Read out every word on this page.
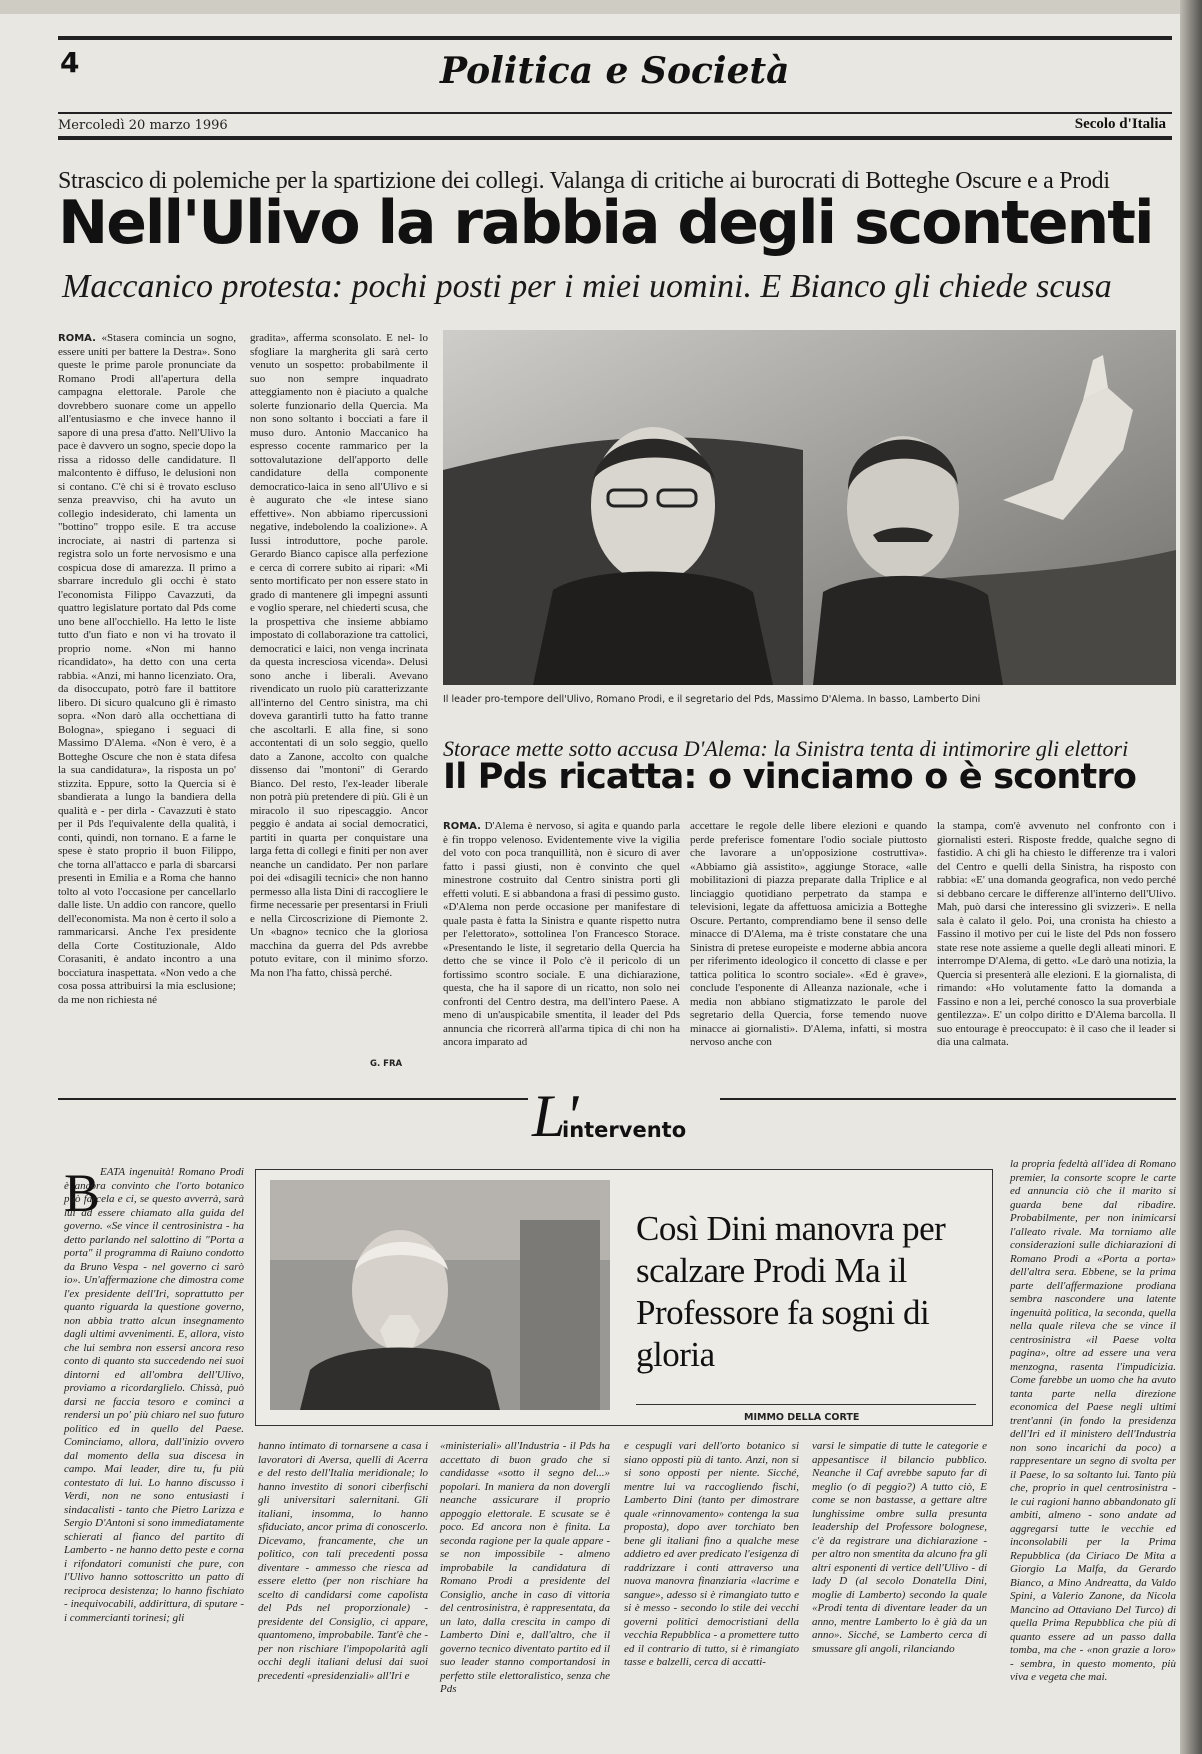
4	Politica e Società
Mercoledì 20 marzo 1996	Secolo d'Italia
Strascico di polemiche per la spartizione dei collegi. Valanga di critiche ai burocrati di Botteghe Oscure e a Prodi
Nell'Ulivo la rabbia degli scontenti
Maccanico protesta: pochi posti per i miei uomini. E Bianco gli chiede scusa
ROMA. «Stasera comincia un sogno, essere uniti per battere la Destra». Sono queste le prime parole pronunciate da Romano Prodi all'apertura della campagna elettorale. Parole che dovrebbero suonare come un appello all'entusiasmo e che invece hanno il sapore di una presa d'atto. Nell'Ulivo la pace è davvero un sogno, specie dopo la rissa a ridosso delle candidature. Il malcontento è diffuso, le delusioni non si contano. C'è chi si è trovato escluso senza preavviso, chi ha avuto un collegio indesiderato, chi lamenta un "bottino" troppo esile. E tra accuse incrociate, ai nastri di partenza si registra solo un forte nervosismo e una cospicua dose di amarezza. Il primo a sbarrare incredulo gli occhi è stato l'economista Filippo Cavazzuti, da quattro legislature portato dal Pds come uno bene all'occhiello. Ha letto le liste tutto d'un fiato e non vi ha trovato il proprio nome. «Non mi hanno ricandidato», ha detto con una certa rabbia. «Anzi, mi hanno licenziato. Ora, da disoccupato, potrò fare il battitore libero. Di sicuro qualcuno gli è rimasto sopra. «Non darò alla occhettiana di Bologna», spiegano i seguaci di Massimo D'Alema. «Non è vero, è a Botteghe Oscure che non è stata difesa la sua candidatura», la risposta un po' stizzita. Eppure, sotto la Quercia si è sbandierata a lungo la bandiera della qualità e - per dirla - Cavazzuti è stato per il Pds l'equivalente della qualità, i conti, quindi, non tornano. E a farne le spese è stato proprio il buon Filippo, che torna all'attacco e parla di sbarcarsi presenti in Emilia e a Roma che hanno tolto al voto l'occasione per cancellarlo dalle liste. Un addio con rancore, quello dell'economista. Ma non è certo il solo a rammaricarsi. Anche l'ex presidente della Corte Costituzionale, Aldo Corasaniti, è andato incontro a una bocciatura inaspettata. «Non vedo a che cosa possa attribuirsi la mia esclusione; da me non richiesta né
gradita», afferma sconsolato. E nel- lo sfogliare la margherita gli sarà certo venuto un sospetto: probabilmente il suo non sempre inquadrato atteggiamento non è piaciuto a qualche solerte funzionario della Quercia. Ma non sono soltanto i bocciati a fare il muso duro. Antonio Maccanico ha espresso cocente rammarico per la sottovalutazione dell'apporto delle candidature della componente democratico-laica in seno all'Ulivo e si è augurato che «le intese siano effettive». Non abbiamo ripercussioni negative, indebolendo la coalizione». A Iussi introduttore, poche parole. Gerardo Bianco capisce alla perfezione e cerca di correre subito ai ripari: «Mi sento mortificato per non essere stato in grado di mantenere gli impegni assunti e voglio sperare, nel chiederti scusa, che la prospettiva che insieme abbiamo impostato di collaborazione tra cattolici, democratici e laici, non venga incrinata da questa incresciosa vicenda». Delusi sono anche i liberali. Avevano rivendicato un ruolo più caratterizzante all'interno del Centro sinistra, ma chi doveva garantirli tutto ha fatto tranne che ascoltarli. E alla fine, si sono accontentati di un solo seggio, quello dato a Zanone, accolto con qualche dissenso dai "montoni" di Gerardo Bianco. Del resto, l'ex-leader liberale non potrà più pretendere di più. Gli è un miracolo il suo ripescaggio. Ancor peggio è andata ai social democratici, partiti in quarta per conquistare una larga fetta di collegi e finiti per non aver neanche un candidato. Per non parlare poi dei «disagili tecnici» che non hanno permesso alla lista Dini di raccogliere le firme necessarie per presentarsi in Friuli e nella Circoscrizione di Piemonte 2. Un «bagno» tecnico che la gloriosa macchina da guerra del Pds avrebbe potuto evitare, con il minimo sforzo. Ma non l'ha fatto, chissà perché.
G. FRA
Il leader pro-tempore dell'Ulivo, Romano Prodi, e il segretario del Pds, Massimo D'Alema. In basso, Lamberto Dini
Storace mette sotto accusa D'Alema: la Sinistra tenta di intimorire gli elettori
Il Pds ricatta: o vinciamo o è scontro
ROMA. D'Alema è nervoso, si agita e quando parla è fin troppo velenoso. Evidentemente vive la vigilia del voto con poca tranquillità, non è sicuro di aver fatto i passi giusti, non è convinto che quel minestrone costruito dal Centro sinistra porti gli effetti voluti. E si abbandona a frasi di pessimo gusto. «D'Alema non perde occasione per manifestare di quale pasta è fatta la Sinistra e quante rispetto nutra per l'elettorato», sottolinea l'on Francesco Storace. «Presentando le liste, il segretario della Quercia ha detto che se vince il Polo c'è il pericolo di un fortissimo scontro sociale. E una dichiarazione, questa, che ha il sapore di un ricatto, non solo nei confronti del Centro destra, ma dell'intero Paese. A meno di un'auspicabile smentita, il leader del Pds annuncia che ricorrerà all'arma tipica di chi non ha ancora imparato ad
accettare le regole delle libere elezioni e quando perde preferisce fomentare l'odio sociale piuttosto che lavorare a un'opposizione costruttiva». «Abbiamo già assistito», aggiunge Storace, «alle mobilitazioni di piazza preparate dalla Triplice e al linciaggio quotidiano perpetrato da stampa e televisioni, legate da affettuosa amicizia a Botteghe Oscure. Pertanto, comprendiamo bene il senso delle minacce di D'Alema, ma è triste constatare che una Sinistra di pretese europeiste e moderne abbia ancora per riferimento ideologico il concetto di classe e per tattica politica lo scontro sociale». «Ed è grave», conclude l'esponente di Alleanza nazionale, «che i media non abbiano stigmatizzato le parole del segretario della Quercia, forse temendo nuove minacce ai giornalisti». D'Alema, infatti, si mostra nervoso anche con
la stampa, com'è avvenuto nel confronto con i giornalisti esteri. Risposte fredde, qualche segno di fastidio. A chi gli ha chiesto le differenze tra i valori del Centro e quelli della Sinistra, ha risposto con rabbia: «E' una domanda geografica, non vedo perché si debbano cercare le differenze all'interno dell'Ulivo. Mah, può darsi che interessino gli svizzeri». E nella sala è calato il gelo. Poi, una cronista ha chiesto a Fassino il motivo per cui le liste del Pds non fossero state rese note assieme a quelle degli alleati minori. E interrompe D'Alema, di getto. «Le darò una notizia, la Quercia si presenterà alle elezioni. E la giornalista, di rimando: «Ho volutamente fatto la domanda a Fassino e non a lei, perché conosco la sua proverbiale gentilezza». E' un colpo diritto e D'Alema barcolla. Il suo entourage è preoccupato: è il caso che il leader si dia una calmata.
L'
intervento
B EATA ingenuità! Romano Prodi è ancora convinto che l'orto botanico può farcela e ci, se questo avverrà, sarà lui ad essere chiamato alla guida del governo. «Se vince il centrosinistra - ha detto parlando nel salottino di "Porta a porta" il programma di Raiuno condotto da Bruno Vespa - nel governo ci sarò io». Un'affermazione che dimostra come l'ex presidente dell'Iri, soprattutto per quanto riguarda la questione governo, non abbia tratto alcun insegnamento dagli ultimi avvenimenti. E, allora, visto che lui sembra non essersi ancora reso conto di quanto sta succedendo nei suoi dintorni ed all'ombra dell'Ulivo, proviamo a ricordarglielo. Chissà, può darsi ne faccia tesoro e cominci a rendersi un po' più chiaro nel suo futuro politico ed in quello del Paese. Cominciamo, allora, dall'inizio ovvero dal momento della sua discesa in campo. Mai leader, dire tu, fu più contestato di lui. Lo hanno discusso i Verdi, non ne sono entusiasti i sindacalisti - tanto che Pietro Larizza e Sergio D'Antoni si sono immediatamente schierati al fianco del partito di Lamberto - ne hanno detto peste e corna i rifondatori comunisti che pure, con l'Ulivo hanno sottoscritto un patto di reciproca desistenza; lo hanno fischiato - inequivocabili, addirittura, di sputare - i commercianti torinesi; gli
Così Dini manovra per scalzare Prodi Ma il Professore fa sogni di gloria
MIMMO DELLA CORTE
la propria fedeltà all'idea di Romano premier, la consorte scopre le carte ed annuncia ciò che il marito si guarda bene dal ribadire. Probabilmente, per non inimicarsi l'alleato rivale. Ma torniamo alle considerazioni sulle dichiarazioni di Romano Prodi a «Porta a porta» dell'altra sera. Ebbene, se la prima parte dell'affermazione prodiana sembra nascondere una latente ingenuità politica, la seconda, quella nella quale rileva che se vince il centrosinistra «il Paese volta pagina», oltre ad essere una vera menzogna, rasenta l'impudicizia. Come farebbe un uomo che ha avuto tanta parte nella direzione economica del Paese negli ultimi trent'anni (in fondo la presidenza dell'Iri ed il ministero dell'Industria non sono incarichi da poco) a rappresentare un segno di svolta per il Paese, lo sa soltanto lui. Tanto più che, proprio in quel centrosinistra - le cui ragioni hanno abbandonato gli ambiti, almeno - sono andate ad aggregarsi tutte le vecchie ed inconsolabili per la Prima Repubblica (da Ciriaco De Mita a Giorgio La Malfa, da Gerardo Bianco, a Mino Andreatta, da Valdo Spini, a Valerio Zanone, da Nicola Mancino ad Ottaviano Del Turco) di quella Prima Repubblica che più di quanto essere ad un passo dalla tomba, ma che - «non grazie a loro» - sembra, in questo momento, più viva e vegeta che mai.
hanno intimato di tornarsene a casa i lavoratori di Aversa, quelli di Acerra e del resto dell'Italia meridionale; lo hanno investito di sonori ciberfischi gli universitari salernitani. Gli italiani, insomma, lo hanno sfiduciato, ancor prima di conoscerlo. Dicevamo, francamente, che un politico, con tali precedenti possa diventare - ammesso che riesca ad essere eletto (per non rischiare ha scelto di candidarsi come capolista del Pds nel proporzionale) - presidente del Consiglio, ci appare, quantomeno, improbabile. Tant'è che - per non rischiare l'impopolarità agli occhi degli italiani delusi dai suoi precedenti «presidenziali» all'Iri e
«ministeriali» all'Industria - il Pds ha accettato di buon grado che si candidasse «sotto il segno del...» popolari. In maniera da non dovergli neanche assicurare il proprio appoggio elettorale. E scusate se è poco. Ed ancora non è finita. La seconda ragione per la quale appare - se non impossibile - almeno improbabile la candidatura di Romano Prodi a presidente del Consiglio, anche in caso di vittoria del centrosinistra, è rappresentata, da un lato, dalla crescita in campo di Lamberto Dini e, dall'altro, che il governo tecnico diventato partito ed il suo leader stanno comportandosi in perfetto stile elettoralistico, senza che Pds
e cespugli vari dell'orto botanico si siano opposti più di tanto. Anzi, non si si sono opposti per niente. Sicché, mentre lui va raccogliendo fischi, Lamberto Dini (tanto per dimostrare quale «rinnovamento» contenga la sua proposta), dopo aver torchiato ben bene gli italiani fino a qualche mese addietro ed aver predicato l'esigenza di raddrizzare i conti attraverso una nuova manovra finanziaria «lacrime e sangue», adesso si è rimangiato tutto e si è messo - secondo lo stile dei vecchi governi politici democristiani della vecchia Repubblica - a promettere tutto ed il contrario di tutto, si è rimangiato tasse e balzelli, cerca di accatti-
varsi le simpatie di tutte le categorie e appesantisce il bilancio pubblico. Neanche il Caf avrebbe saputo far di meglio (o di peggio?) A tutto ciò, E come se non bastasse, a gettare altre lunghissime ombre sulla presunta leadership del Professore bolognese, c'è da registrare una dichiarazione - per altro non smentita da alcuno fra gli altri esponenti di vertice dell'Ulivo - di lady D (al secolo Donatella Dini, moglie di Lamberto) secondo la quale «Prodi tenta di diventare leader da un anno, mentre Lamberto lo è già da un anno». Sicché, se Lamberto cerca di smussare gli angoli, rilanciando
